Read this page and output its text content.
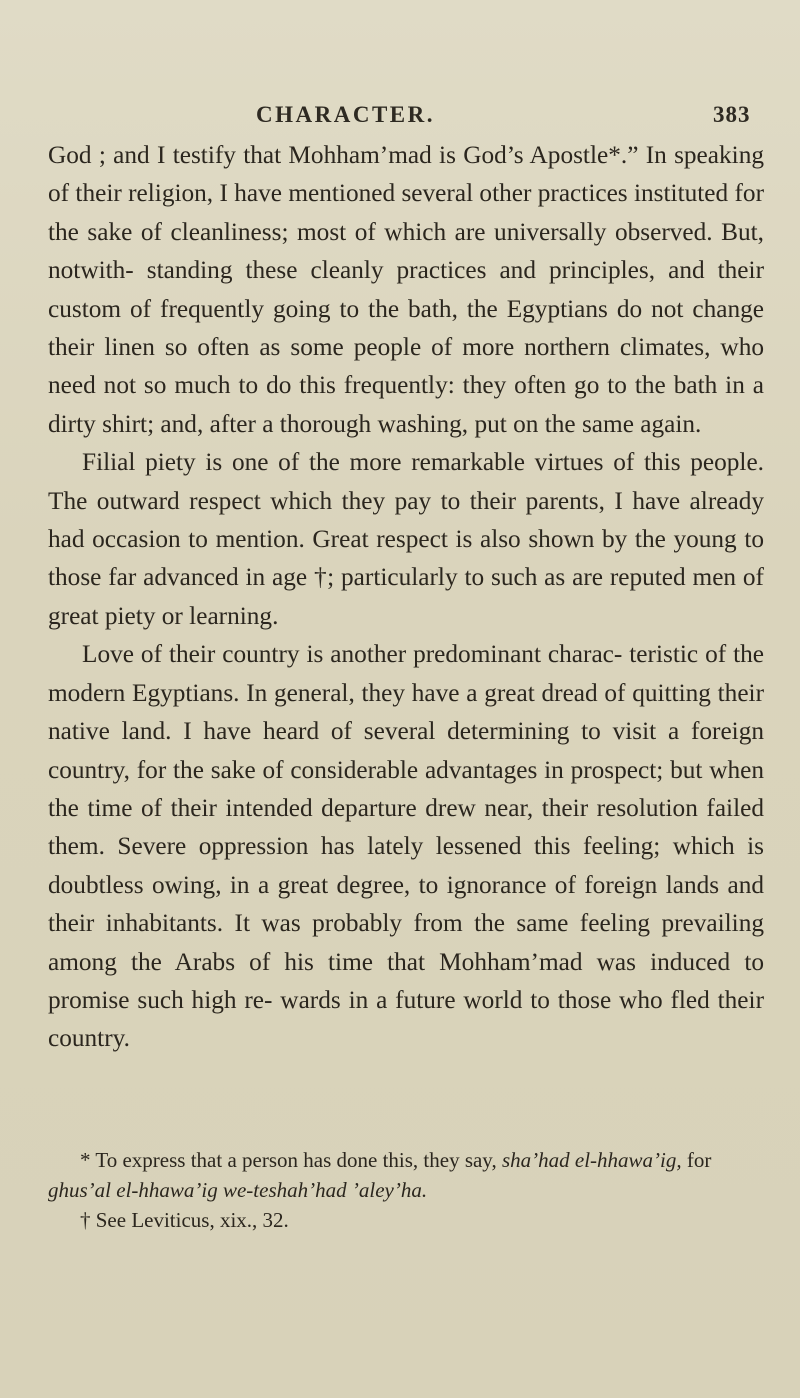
CHARACTER.	383

God ; and I testify that Mohham’mad is God’s Apostle*.” In speaking of their religion, I have mentioned several other practices instituted for the sake of cleanliness; most of which are universally observed. But, notwith- standing these cleanly practices and principles, and their custom of frequently going to the bath, the Egyptians do not change their linen so often as some people of more northern climates, who need not so much to do this frequently: they often go to the bath in a dirty shirt; and, after a thorough washing, put on the same again.

Filial piety is one of the more remarkable virtues of this people. The outward respect which they pay to their parents, I have already had occasion to mention. Great respect is also shown by the young to those far advanced in age †; particularly to such as are reputed men of great piety or learning.

Love of their country is another predominant charac- teristic of the modern Egyptians. In general, they have a great dread of quitting their native land. I have heard of several determining to visit a foreign country, for the sake of considerable advantages in prospect; but when the time of their intended departure drew near, their resolution failed them. Severe oppression has lately lessened this feeling; which is doubtless owing, in a great degree, to ignorance of foreign lands and their inhabitants. It was probably from the same feeling prevailing among the Arabs of his time that Mohham’mad was induced to promise such high re- wards in a future world to those who fled their country.

* To express that a person has done this, they say, sha’had el-hhawa’ig, for ghus’al el-hhawa’ig we-teshah’had ’aley’ha.

† See Leviticus, xix., 32.
